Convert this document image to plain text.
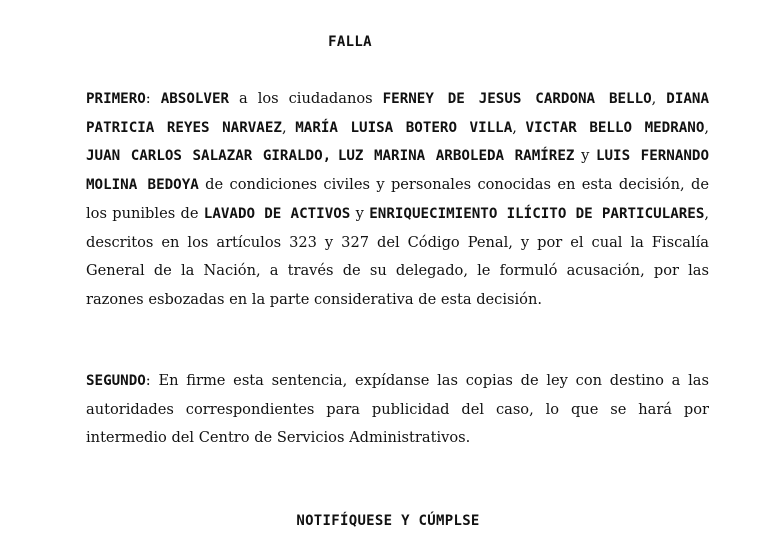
FALLA

PRIMERO: ABSOLVER a los ciudadanos FERNEY DE JESUS CARDONA BELLO, DIANA PATRICIA REYES NARVAEZ, MARÍA LUISA BOTERO VILLA, VICTAR BELLO MEDRANO, JUAN CARLOS SALAZAR GIRALDO, LUZ MARINA ARBOLEDA RAMÍREZ y LUIS FERNANDO MOLINA BEDOYA de condiciones civiles y personales conocidas en esta decisión, de los punibles de LAVADO DE ACTIVOS y ENRIQUECIMIENTO ILÍCITO DE PARTICULARES, descritos en los artículos 323 y 327 del Código Penal, y por el cual la Fiscalía General de la Nación, a través de su delegado, le formuló acusación, por las razones esbozadas en la parte considerativa de esta decisión.

SEGUNDO: En firme esta sentencia, expídanse las copias de ley con destino a las autoridades correspondientes para publicidad del caso, lo que se hará por intermedio del Centro de Servicios Administrativos.

NOTIFÍQUESE Y CÚMPLSE
